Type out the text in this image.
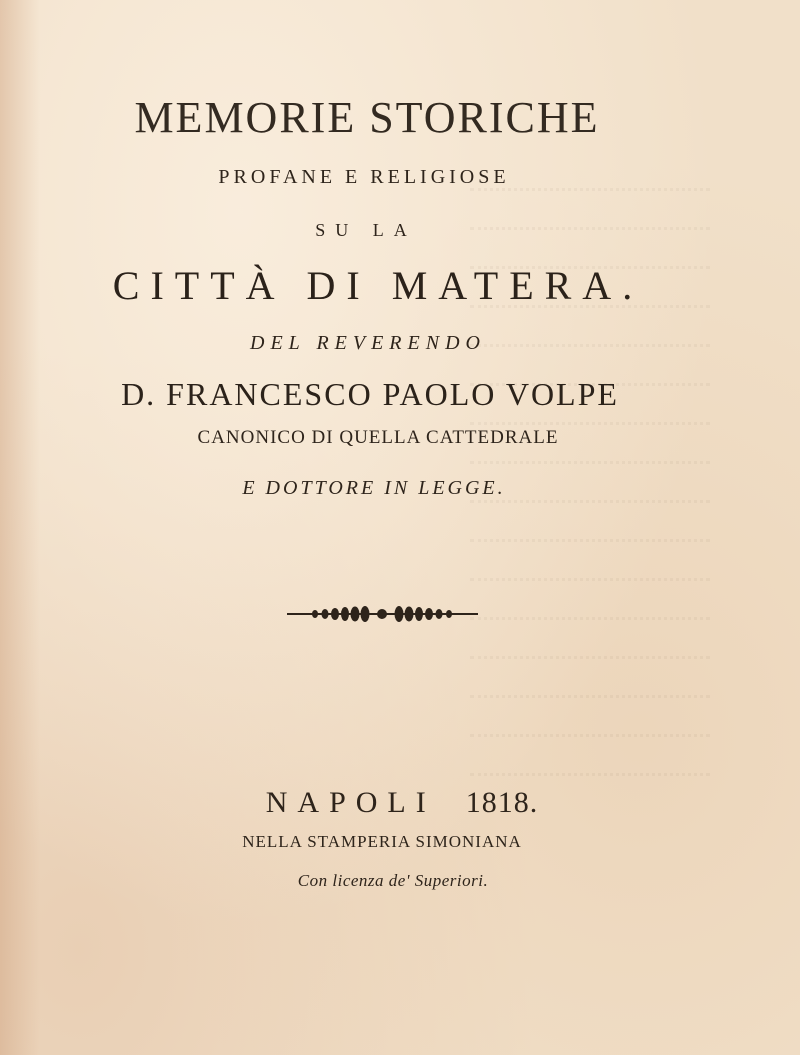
MEMORIE STORICHE
PROFANE E RELIGIOSE
SU LA
CITTÀ DI MATERA.
DEL REVERENDO
D. FRANCESCO PAOLO VOLPE
CANONICO DI QUELLA CATTEDRALE
E DOTTORE IN LEGGE.
NAPOLI 1818.
NELLA STAMPERIA SIMONIANA
Con licenza de' Superiori.
